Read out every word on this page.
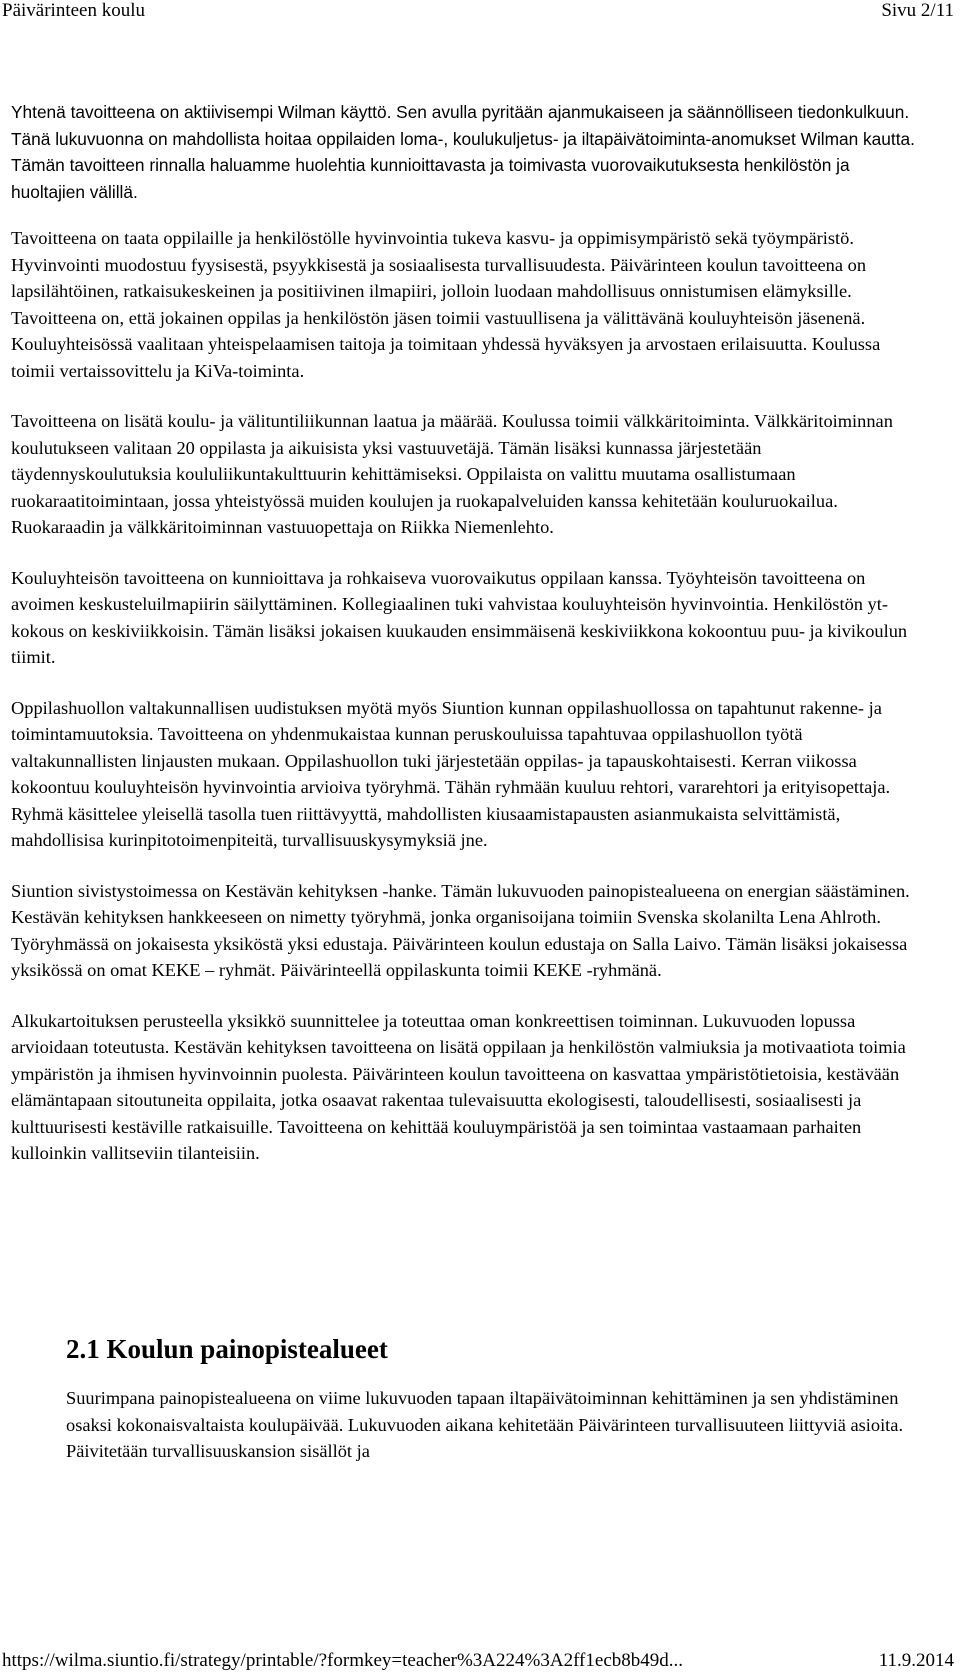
Päivärinteen koulu	Sivu 2/11

Yhtenä tavoitteena on aktiivisempi Wilman käyttö. Sen avulla pyritään ajanmukaiseen ja säännölliseen tiedonkulkuun. Tänä lukuvuonna on mahdollista hoitaa oppilaiden loma-, koulukuljetus- ja iltapäivätoiminta-anomukset Wilman kautta. Tämän tavoitteen rinnalla haluamme huolehtia kunnioittavasta ja toimivasta vuorovaikutuksesta henkilöstön ja huoltajien välillä.

Tavoitteena on taata oppilaille ja henkilöstölle hyvinvointia tukeva kasvu- ja oppimisympäristö sekä työympäristö. Hyvinvointi muodostuu fyysisestä, psyykkisestä ja sosiaalisesta turvallisuudesta. Päivärinteen koulun tavoitteena on lapsilähtöinen, ratkaisukeskeinen ja positiivinen ilmapiiri, jolloin luodaan mahdollisuus onnistumisen elämyksille. Tavoitteena on, että jokainen oppilas ja henkilöstön jäsen toimii vastuullisena ja välittävänä kouluyhteisön jäsenenä. Kouluyhteisössä vaalitaan yhteispelaamisen taitoja ja toimitaan yhdessä hyväksyen ja arvostaen erilaisuutta. Koulussa toimii vertaissovittelu ja KiVa-toiminta.

Tavoitteena on lisätä koulu- ja välituntiliikunnan laatua ja määrää. Koulussa toimii välkkäritoiminta. Välkkäritoiminnan koulutukseen valitaan 20 oppilasta ja aikuisista yksi vastuuvetäjä. Tämän lisäksi kunnassa järjestetään täydennyskoulutuksia koululiikuntakulttuurin kehittämiseksi. Oppilaista on valittu muutama osallistumaan ruokaraatitoimintaan, jossa yhteistyössä muiden koulujen ja ruokapalveluiden kanssa kehitetään kouluruokailua. Ruokaraadin ja välkkäritoiminnan vastuuopettaja on Riikka Niemenlehto.

Kouluyhteisön tavoitteena on kunnioittava ja rohkaiseva vuorovaikutus oppilaan kanssa. Työyhteisön tavoitteena on avoimen keskusteluilmapiirin säilyttäminen. Kollegiaalinen tuki vahvistaa kouluyhteisön hyvinvointia. Henkilöstön yt-kokous on keskiviikkoisin. Tämän lisäksi jokaisen kuukauden ensimmäisenä keskiviikkona kokoontuu puu- ja kivikoulun tiimit.

Oppilashuollon valtakunnallisen uudistuksen myötä myös Siuntion kunnan oppilashuollossa on tapahtunut rakenne- ja toimintamuutoksia. Tavoitteena on yhdenmukaistaa kunnan peruskouluissa tapahtuvaa oppilashuollon työtä valtakunnallisten linjausten mukaan. Oppilashuollon tuki järjestetään oppilas- ja tapauskohtaisesti. Kerran viikossa kokoontuu kouluyhteisön hyvinvointia arvioiva työryhmä. Tähän ryhmään kuuluu rehtori, vararehtori ja erityisopettaja. Ryhmä käsittelee yleisellä tasolla tuen riittävyyttä, mahdollisten kiusaamistapausten asianmukaista selvittämistä, mahdollisisa kurinpitotoimenpiteitä, turvallisuuskysymyksiä jne.

Siuntion sivistystoimessa on Kestävän kehityksen -hanke. Tämän lukuvuoden painopistealueena on energian säästäminen. Kestävän kehityksen hankkeeseen on nimetty työryhmä, jonka organisoijana toimiin Svenska skolanilta Lena Ahlroth. Työryhmässä on jokaisesta yksiköstä yksi edustaja. Päivärinteen koulun edustaja on Salla Laivo. Tämän lisäksi jokaisessa yksikössä on omat KEKE – ryhmät. Päivärinteellä oppilaskunta toimii KEKE -ryhmänä.

Alkukartoituksen perusteella yksikkö suunnittelee ja toteuttaa oman konkreettisen toiminnan. Lukuvuoden lopussa arvioidaan toteutusta. Kestävän kehityksen tavoitteena on lisätä oppilaan ja henkilöstön valmiuksia ja motivaatiota toimia ympäristön ja ihmisen hyvinvoinnin puolesta. Päivärinteen koulun tavoitteena on kasvattaa ympäristötietoisia, kestävään elämäntapaan sitoutuneita oppilaita, jotka osaavat rakentaa tulevaisuutta ekologisesti, taloudellisesti, sosiaalisesti ja kulttuurisesti kestäville ratkaisuille. Tavoitteena on kehittää kouluympäristöä ja sen toimintaa vastaamaan parhaiten kulloinkin vallitseviin tilanteisiin.

2.1 Koulun painopistealueet

Suurimpana painopistealueena on viime lukuvuoden tapaan iltapäivätoiminnan kehittäminen ja sen yhdistäminen osaksi kokonaisvaltaista koulupäivää. Lukuvuoden aikana kehitetään Päivärinteen turvallisuuteen liittyviä asioita. Päivitetään turvallisuuskansion sisällöt ja

https://wilma.siuntio.fi/strategy/printable/?formkey=teacher%3A224%3A2ff1ecb8b49d...	11.9.2014
